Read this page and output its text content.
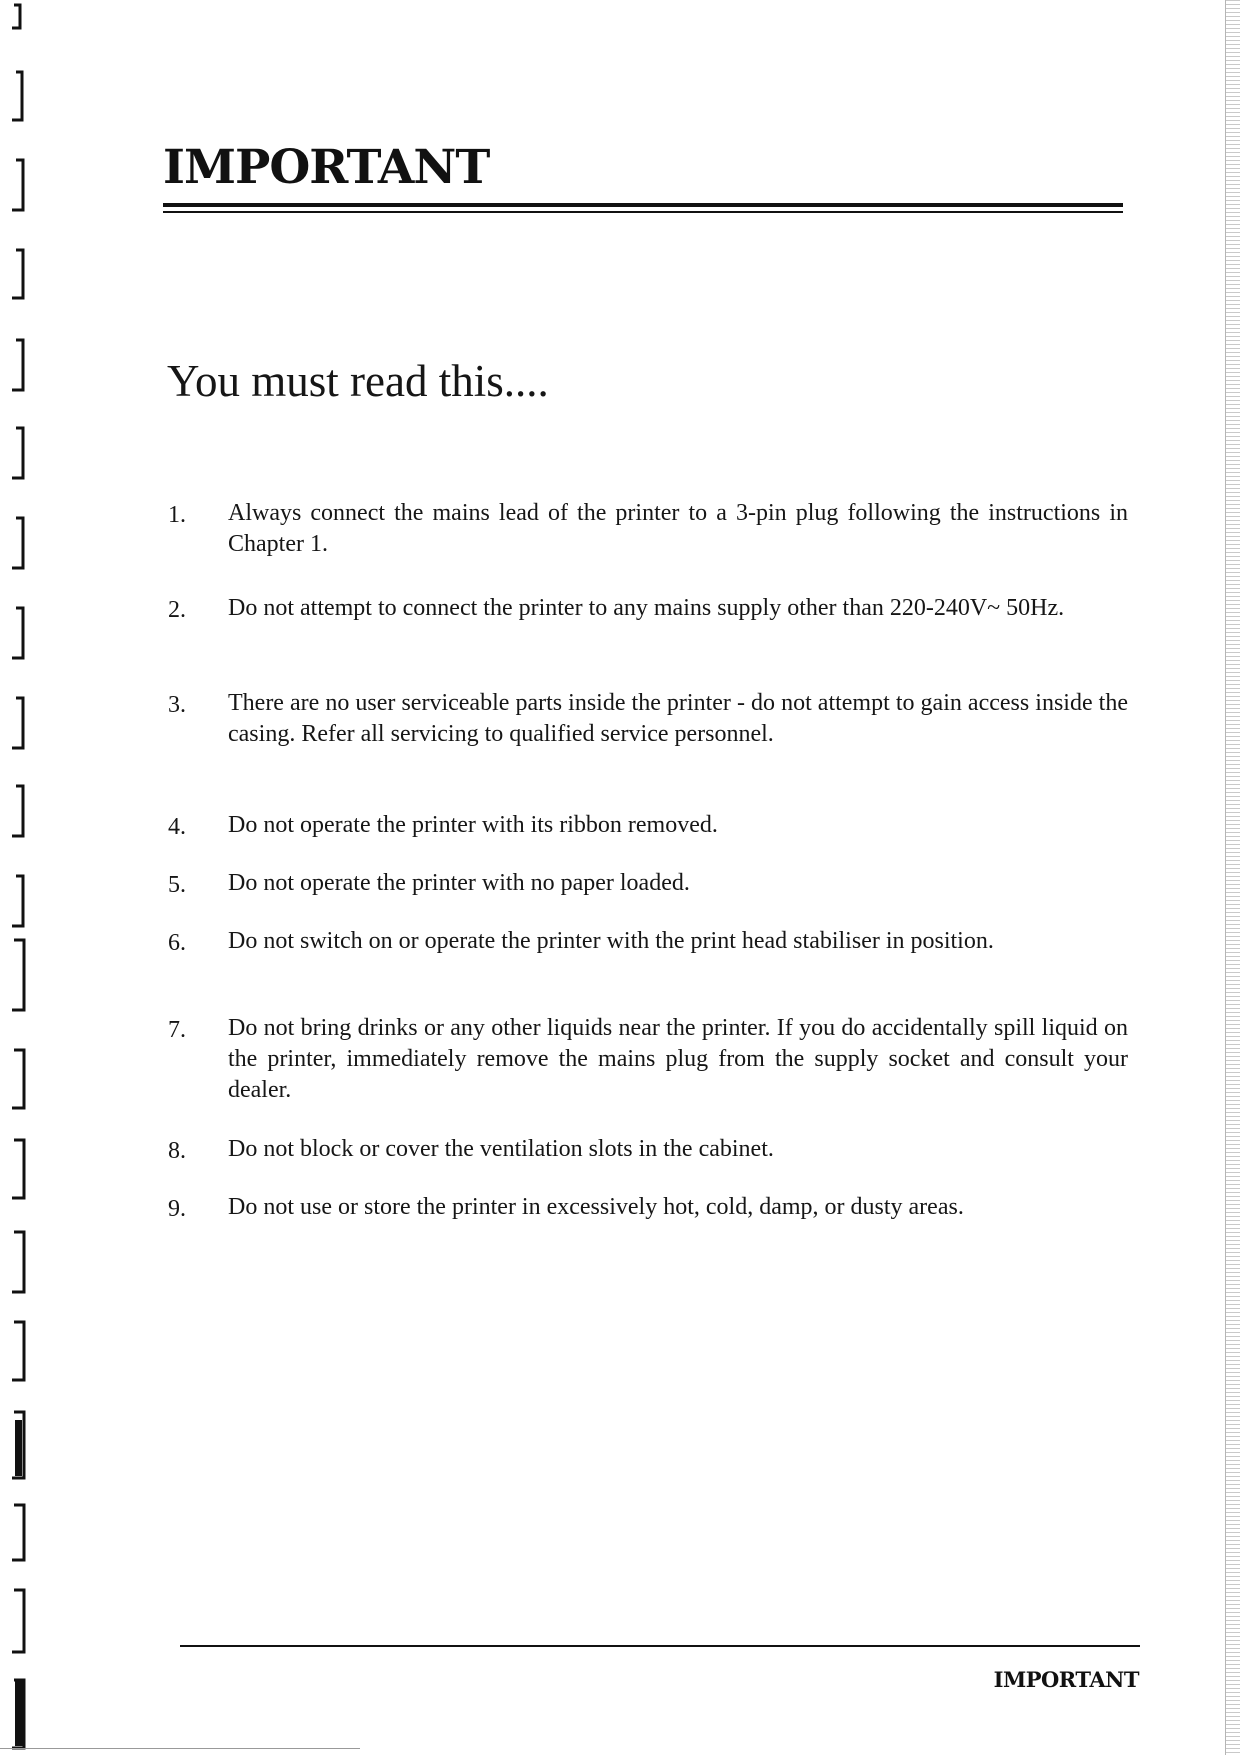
IMPORTANT
You must read this....
1.	Always connect the mains lead of the printer to a 3-pin plug following the instructions in Chapter 1.
2.	Do not attempt to connect the printer to any mains supply other than 220-240V~ 50Hz.
3.	There are no user serviceable parts inside the printer - do not attempt to gain access inside the casing. Refer all servicing to qualified service personnel.
4.	Do not operate the printer with its ribbon removed.
5.	Do not operate the printer with no paper loaded.
6.	Do not switch on or operate the printer with the print head stabiliser in position.
7.	Do not bring drinks or any other liquids near the printer. If you do accidentally spill liquid on the printer, immediately remove the mains plug from the supply socket and consult your dealer.
8.	Do not block or cover the ventilation slots in the cabinet.
9.	Do not use or store the printer in excessively hot, cold, damp, or dusty areas.
IMPORTANT
